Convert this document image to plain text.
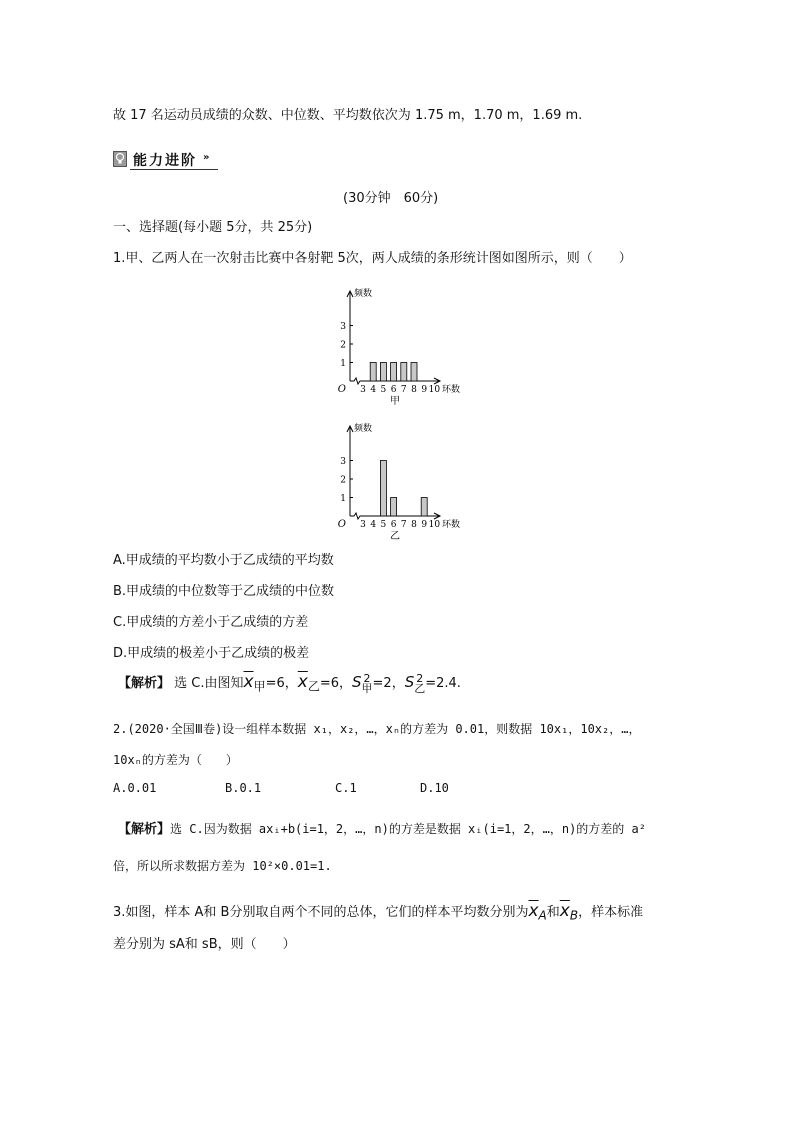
故 17 名运动员成绩的众数、中位数、平均数依次为 1.75 m，1.70 m，1.69 m.
能力进阶 »
(30分钟　60分)
一、选择题(每小题 5分，共 25分)
1.甲、乙两人在一次射击比赛中各射靶 5次，两人成绩的条形统计图如图所示，则（　　）
1
2
3
3 4 5 6 7 8 9 10
O
频数
环数
甲
1
2
3
3 4 5 6 7 8 9 10
O
频数
环数
乙
A.甲成绩的平均数小于乙成绩的平均数
B.甲成绩的中位数等于乙成绩的中位数
C.甲成绩的方差小于乙成绩的方差
D.甲成绩的极差小于乙成绩的极差
【解析】 选 C.由图知$\overline{x}_甲=6$，$\overline{x}_乙=6$，S 2
甲 =2，S 2
乙 =2.4.
2.(2020·全国Ⅲ卷)设一组样本数据 x₁，x₂，…，xₙ的方差为 0.01，则数据 10x₁，10x₂，…，
10xₙ的方差为（　　）
A.0.01	B.0.1	C.1	D.10
【解析】选 C.因为数据 axᵢ+b(i=1，2，…，n)的方差是数据 xᵢ(i=1，2，…，n)的方差的 a²
倍，所以所求数据方差为 10²×0.01=1.
3.如图，样本 A和 B分别取自两个不同的总体，它们的样本平均数分别为$\overline{x}_A$和$\overline{x}_B$，样本标准
差分别为 sA和 sB，则（　　）
